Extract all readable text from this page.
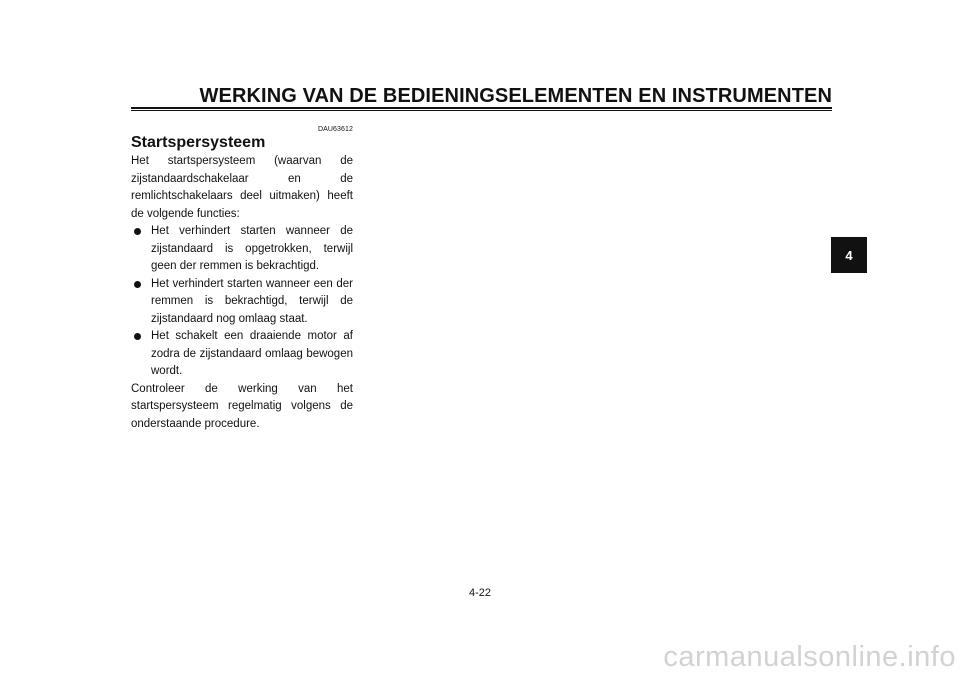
WERKING VAN DE BEDIENINGSELEMENTEN EN INSTRUMENTEN
DAU63612
Startspersysteem

Het startspersysteem (waarvan de zijstandaardschakelaar en de remlichtschakelaars deel uitmaken) heeft de volgende functies:

Het verhindert starten wanneer de zijstandaard is opgetrokken, terwijl geen der remmen is bekrachtigd.
Het verhindert starten wanneer een der remmen is bekrachtigd, terwijl de zijstandaard nog omlaag staat.
Het schakelt een draaiende motor af zodra de zijstandaard omlaag bewogen wordt.

Controleer de werking van het startspersysteem regelmatig volgens de onderstaande procedure.

4
4-22
carmanualsonline.info
